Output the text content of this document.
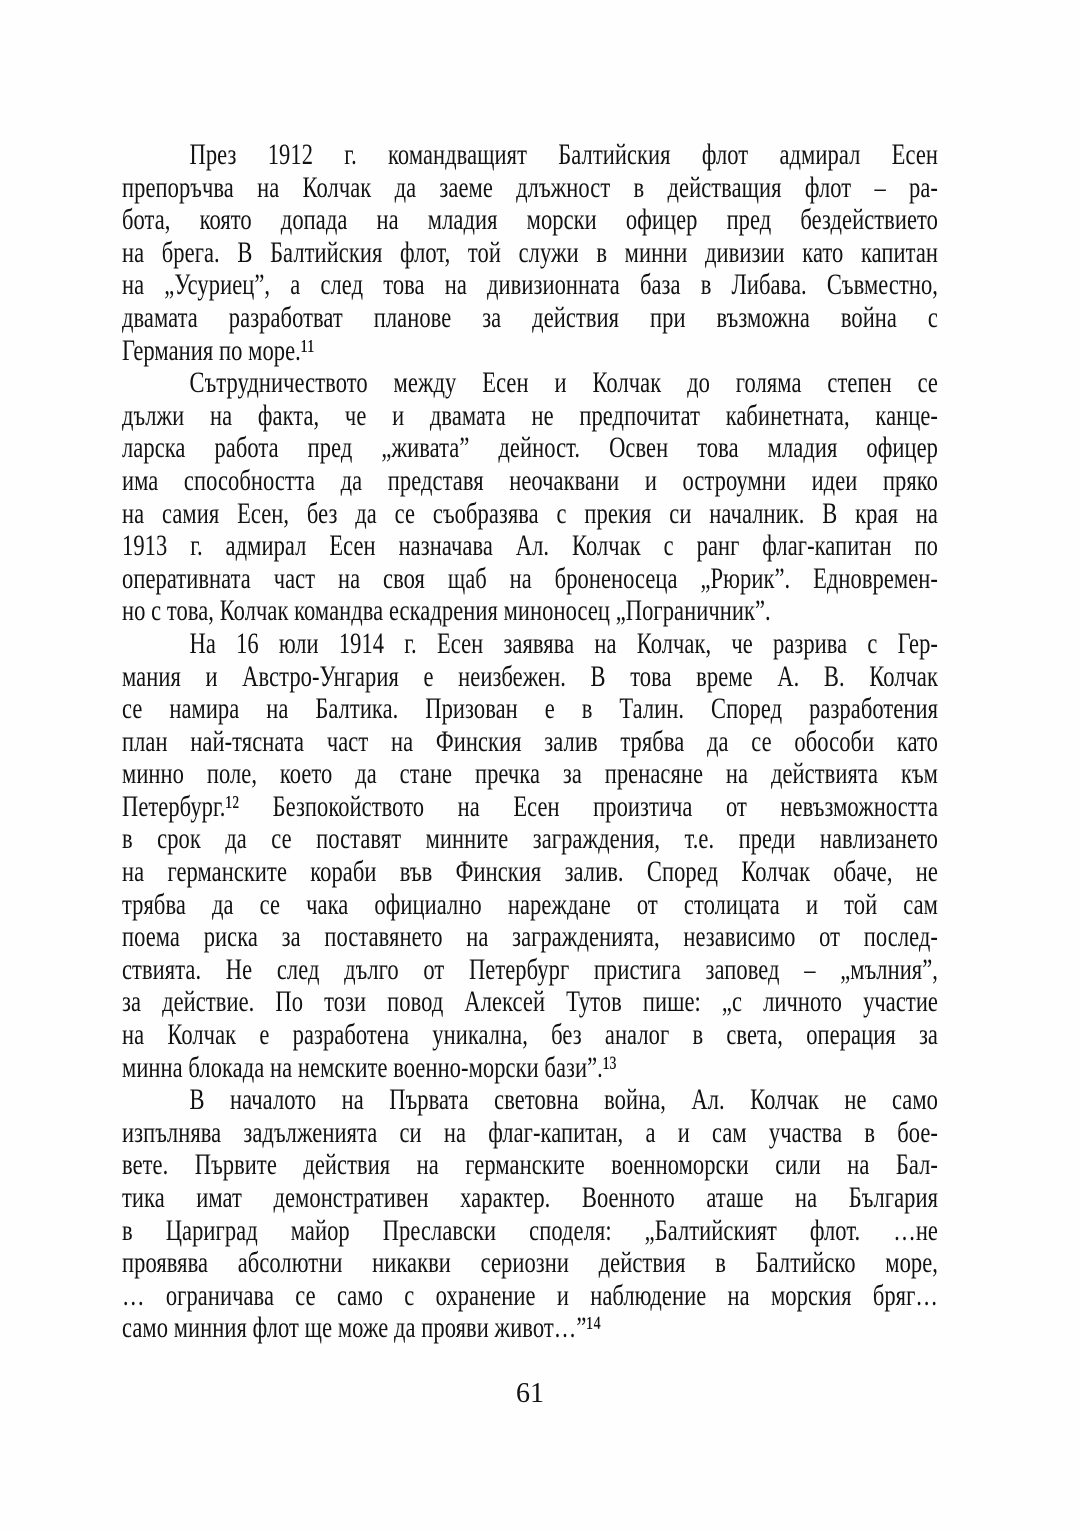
През 1912 г. командващият Балтийския флот адмирал Есен
препоръчва на Колчак да заеме длъжност в действащия флот – ра-
бота, която допада на младия морски офицер пред бездействието
на брега. В Балтийския флот, той служи в минни дивизии като капитан
на „Усуриец”, а след това на дивизионната база в Либава. Съвместно,
двамата разработват планове за действия при възможна война с
Германия по море.¹¹
Сътрудничеството между Есен и Колчак до голяма степен се
дължи на факта, че и двамата не предпочитат кабинетната, канце-
ларска работа пред „живата” дейност. Освен това младия офицер
има способността да представя неочаквани и остроумни идеи пряко
на самия Есен, без да се съобразява с прекия си началник. В края на
1913 г. адмирал Есен назначава Ал. Колчак с ранг флаг-капитан по
оперативната част на своя щаб на броненосеца „Рюрик”. Едновремен-
но с това, Колчак командва ескадрения миноносец „Пограничник”.
На 16 юли 1914 г. Есен заявява на Колчак, че разрива с Гер-
мания и Австро-Унгария е неизбежен. В това време А. В. Колчак
се намира на Балтика. Призован е в Талин. Според разработения
план най-тясната част на Финския залив трябва да се обособи като
минно поле, което да стане пречка за пренасяне на действията към
Петербург.¹² Безпокойството на Есен произтича от невъзможността
в срок да се поставят минните заграждения, т.е. преди навлизането
на германските кораби във Финския залив. Според Колчак обаче, не
трябва да се чака официално нареждане от столицата и той сам
поема риска за поставянето на загражденията, независимо от послед-
ствията. Не след дълго от Петербург пристига заповед – „мълния”,
за действие. По този повод Алексей Тутов пише: „с личното участие
на Колчак е разработена уникална, без аналог в света, операция за
минна блокада на немските военно-морски бази”.¹³
В началото на Първата световна война, Ал. Колчак не само
изпълнява задълженията си на флаг-капитан, а и сам участва в бое-
вете. Първите действия на германските военноморски сили на Бал-
тика имат демонстративен характер. Военното аташе на България
в Цариград майор Преславски споделя: „Балтийският флот. …не
проявява абсолютни никакви сериозни действия в Балтийско море,
… ограничава се само с охранение и наблюдение на морския бряг…
само минния флот ще може да прояви живот…”¹⁴
61
